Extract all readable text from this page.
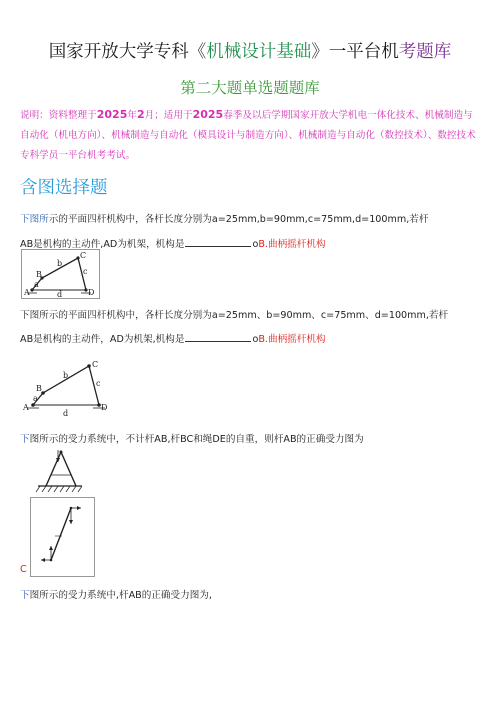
国家开放大学专科《机械设计基础》一平台机考题库
第二大题单选题题库
说明：资料整理于2025年2月；适用于2025春季及以后学期国家开放大学机电一体化技术、机械制造与自动化（机电方向）、机械制造与自动化（模具设计与制造方向）、机械制造与自动化（数控技术）、数控技术专科学员一平台机考考试。
含图选择题
下图所示的平面四杆机构中，各杆长度分别为a=25mm,b=90mm,c=75mm,d=100mm,若杆
AB是机构的主动件,AD为机架，机构是	oB.曲柄摇杆机构
A
B
C
D
a
b
c
d
下图所示的平面四杆机构中，各杆长度分别为a=25mm、b=90mm、c=75mm、d=100mm,若杆
AB是机构的主动件，AD为机架,机构是	oB.曲柄摇杆机构
A
B
C
D
a
b
c
d
下图所示的受力系统中，不计杆AB,杆BC和绳DE的自重，则杆AB的正确受力图为
C
下图所示的受力系统中,杆AB的正确受力图为,
